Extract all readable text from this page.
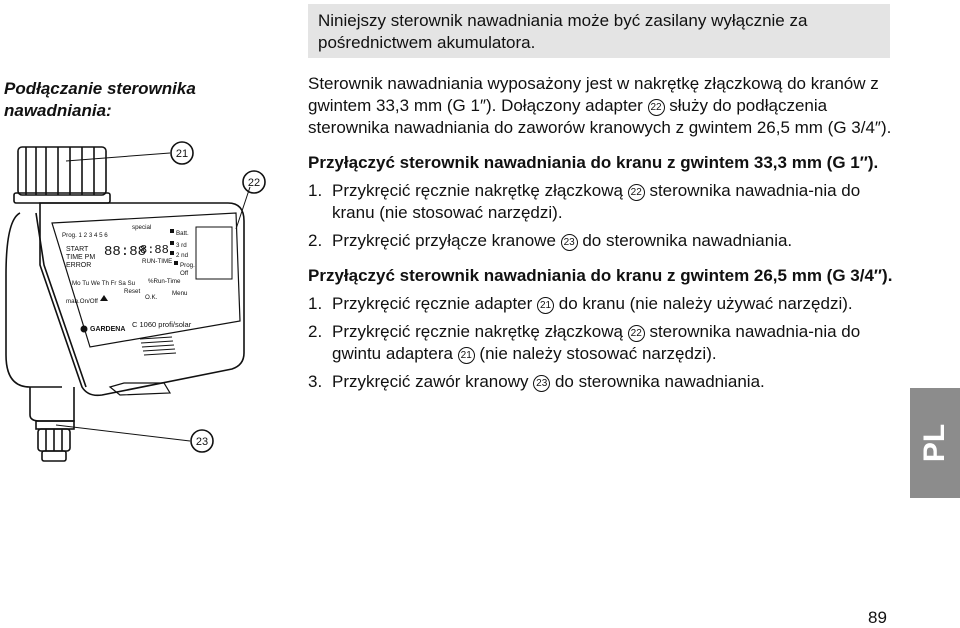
Niniejszy sterownik nawadniania może być zasilany wyłącznie za pośrednictwem akumulatora.
Podłączanie sterownika nawadniania:
21
22
23
Prog. 1 2 3 4 5 6
special
Batt.
3 rd
2 nd
Prog.
Off
START
TIME PM
ERROR
88:88
8:88
RUN-TIME
Mo Tu We Th Fr Sa Su %Run-Time
Reset
man.On/Off
O.K.
Menu
GARDENA
C 1060 profi/solar

Sterownik nawadniania wyposażony jest w nakrętkę złączkową do kranów z gwintem 33,3 mm (G 1″). Dołączony adapter 22 służy do podłączenia sterownika nawadniania do zaworów kranowych z gwintem 26,5 mm (G 3/4″).

Przyłączyć sterownik nawadniania do kranu z gwintem 33,3 mm (G 1″).

1. Przykręcić ręcznie nakrętkę złączkową 22 sterownika nawadnia-nia do kranu (nie stosować narzędzi).
2. Przykręcić przyłącze kranowe 23 do sterownika nawadniania.

Przyłączyć sterownik nawadniania do kranu z gwintem 26,5 mm (G 3/4″).

1. Przykręcić ręcznie adapter 21 do kranu (nie należy używać narzędzi).
2. Przykręcić ręcznie nakrętkę złączkową 22 sterownika nawadnia-nia do gwintu adaptera 21 (nie należy stosować narzędzi).
3. Przykręcić zawór kranowy 23 do sterownika nawadniania.
PL
89
